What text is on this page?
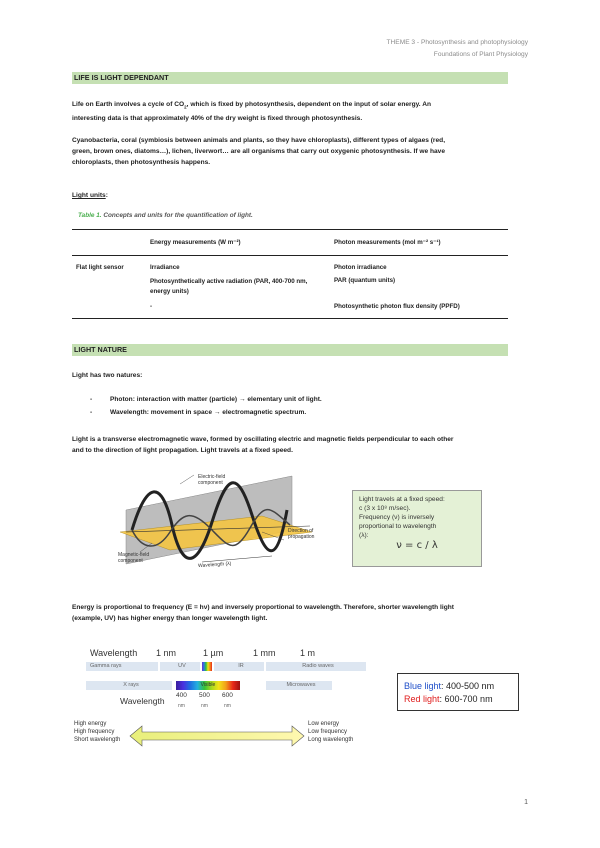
THEME 3 - Photosynthesis and photophysiology
Foundations of Plant Physiology
LIFE IS LIGHT DEPENDANT
Life on Earth involves a cycle of $CO_2$, which is fixed by photosynthesis, dependent on the input of solar energy. An
interesting data is that approximately 40% of the dry weight is fixed through photosynthesis.
Cyanobacteria, coral (symbiosis between animals and plants, so they have chloroplasts), different types of algaes (red,
green, brown ones, diatoms…), lichen, liverwort… are all organisms that carry out oxygenic photosynthesis. If we have
chloroplasts, then photosynthesis happens.
Light units:
Table 1. Concepts and units for the quantification of light.
	Energy measurements (W m⁻²)	Photon measurements (mol m⁻² s⁻¹)
Flat light sensor	Irradiance	Photon irradiance
	Photosynthetically active radiation (PAR, 400-700 nm, energy units)	PAR (quantum units)
	-	Photosynthetic photon flux density (PPFD)
LIGHT NATURE
Light has two natures:
-	Photon: interaction with matter (particle) → elementary unit of light.
-	Wavelength: movement in space → electromagnetic spectrum.
Light is a transverse electromagnetic wave, formed by oscillating electric and magnetic fields perpendicular to each other
and to the direction of light propagation. Light travels at a fixed speed.
Electric-field
component
Direction of
propagation
Magnetic-field
component	Wavelength (λ)
Light travels at a fixed speed:
c (3 x 10⁸ m/sec).
Frequency (ν) is inversely
proportional to wavelength
(λ):
ν = c / λ
Energy is proportional to frequency (E = hν) and inversely proportional to wavelength. Therefore, shorter wavelength light
(example, UV) has higher energy than longer wavelength light.
Wavelength 1 nm	1 µm	1 mm	1 m
Gamma rays	UV	IR	Radio waves
X rays	Visible	Microwaves
Wavelength
400 500 600
nm	nm	nm
High energy
High frequency
Short wavelength
Low energy
Low frequency
Long wavelength
Blue light: 400-500 nm
Red light: 600-700 nm
1
